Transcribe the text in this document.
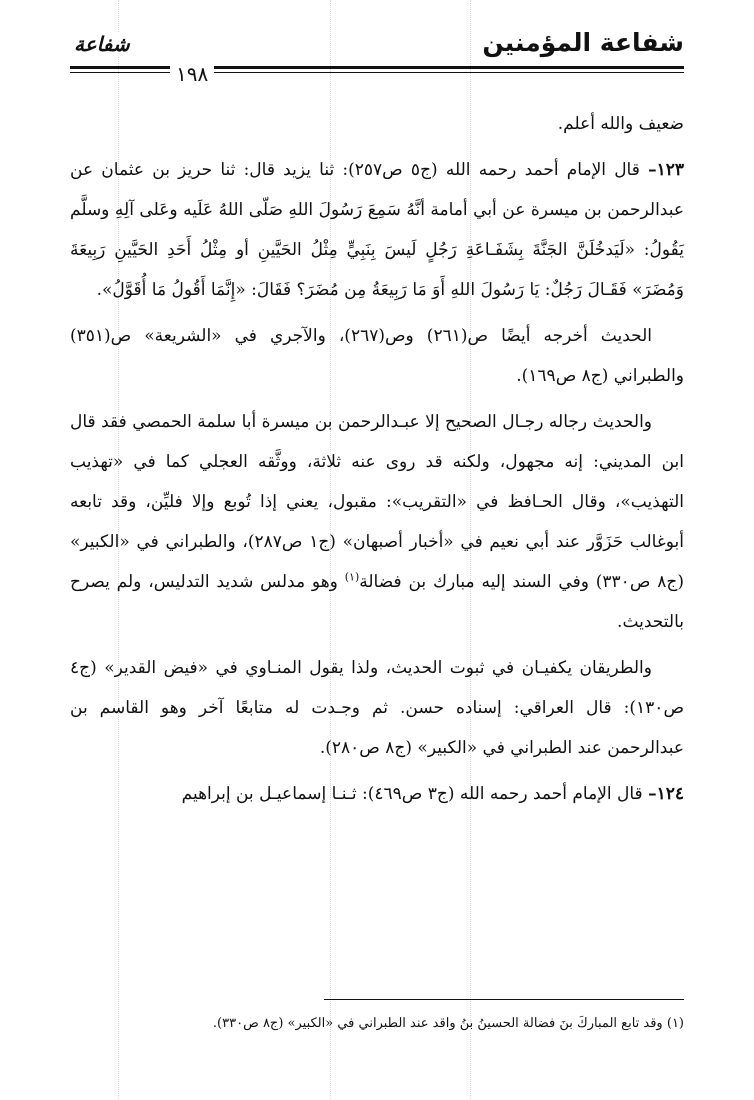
شفاعة المؤمنين
شفاعة
١٩٨

ضعيف والله أعلم.

١٢٣– قال الإمام أحمد رحمه الله (ج٥ ص٢٥٧): ثنا يزيد قال: ثنا حريز بن عثمان عن عبدالرحمن بن ميسرة عن أبي أمامة أنَّهُ سَمِعَ رَسُولَ اللهِ صَلّى اللهُ عَلَيه وعَلى آلِهِ وسلَّم يَقُولُ: «لَيَدخُلَنَّ الجَنَّةَ بِشَفَـاعَةِ رَجُلٍ لَيسَ بِنَبِيٍّ مِثْلُ الحَيَّينِ أو مِثْلُ أَحَدِ الحَيَّينِ رَبِيعَةَ وَمُضَرَ» فَقَـالَ رَجُلٌ: يَا رَسُولَ اللهِ أَوَ مَا رَبِيعَةُ مِن مُضَرَ؟ فَقَالَ: «إِنَّمَا أَقُولُ مَا أُقَوَّلُ».

الحديث أخرجه أيضًا ص(٢٦١) وص(٢٦٧)، والآجري في «الشريعة» ص(٣٥١) والطبراني (ج٨ ص١٦٩).

والحديث رجاله رجـال الصحيح إلا عبـدالرحمن بن ميسرة أبا سلمة الحمصي فقد قال ابن المديني: إنه مجهول، ولكنه قد روى عنه ثلاثة، ووثَّقه العجلي كما في «تهذيب التهذيب»، وقال الحـافظ في «التقريب»: مقبول، يعني إذا تُوبع وإلا فليِّن، وقد تابعه أبوغالب حَزَوَّر عند أبي نعيم في «أخبار أصبهان» (ج١ ص٢٨٧)، والطبراني في «الكبير» (ج٨ ص٣٣٠) وفي السند إليه مبارك بن فضالة$^{(١)}$ وهو مدلس شديد التدليس، ولم يصرح بالتحديث.

والطريقان يكفيـان في ثبوت الحديث، ولذا يقول المنـاوي في «فيض القدير» (ج٤ ص١٣٠): قال العراقي: إسناده حسن. ثم وجـدت له متابعًا آخر وهو القاسم بن عبدالرحمن عند الطبراني في «الكبير» (ج٨ ص٢٨٠).

١٢٤– قال الإمام أحمد رحمه الله (ج٣ ص٤٦٩): ثـنـا إسماعيـل بن إبراهيم

(١) وقد تابع المباركَ بنَ فضالة الحسينُ بنُ واقد عند الطبراني في «الكبير» (ج٨ ص٣٣٠).
